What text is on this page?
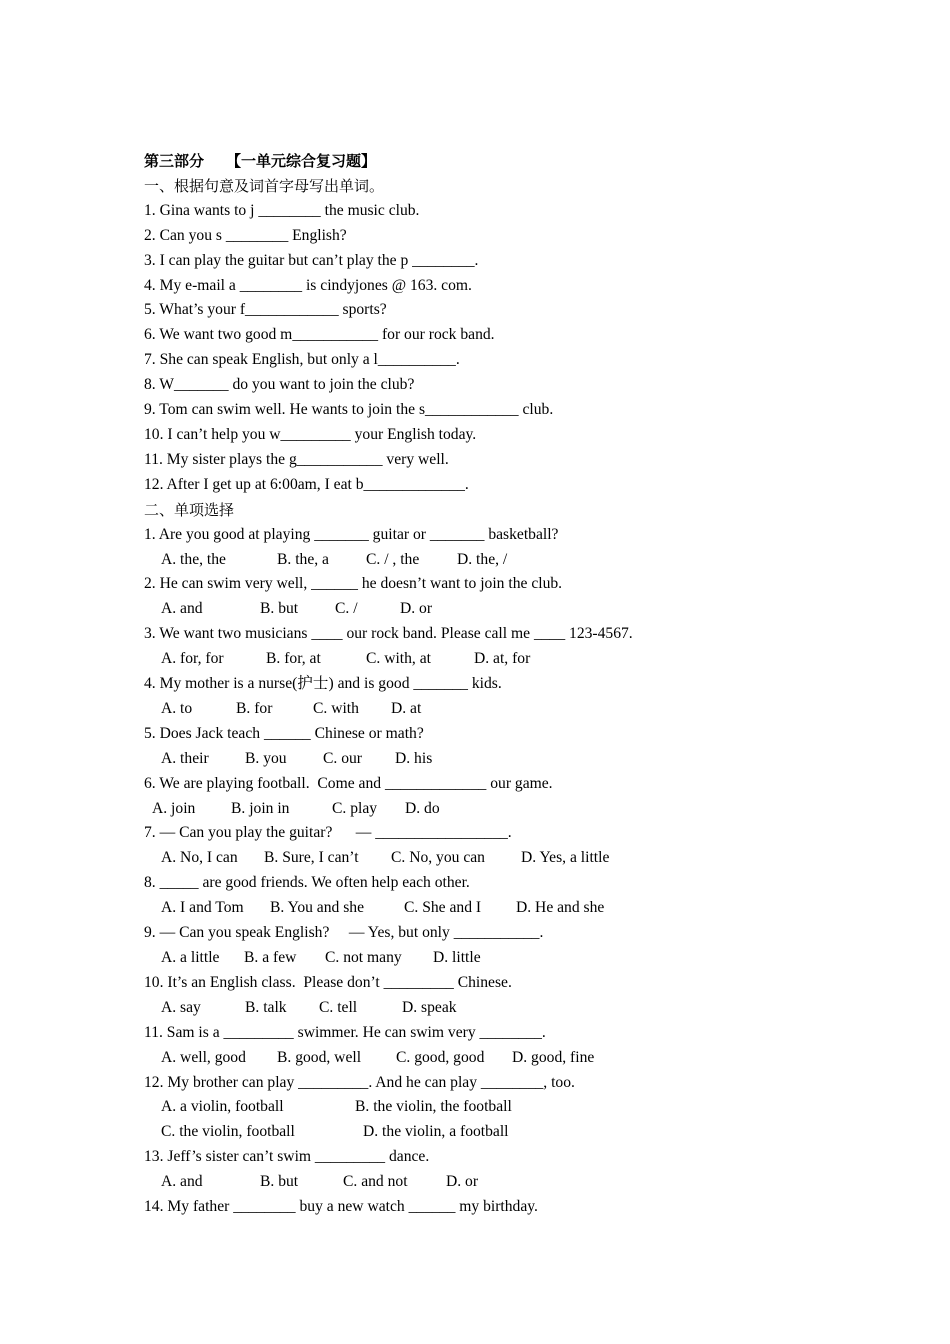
第三部分 【一单元综合复习题】
一、根据句意及词首字母写出单词。
1. Gina wants to j ________ the music club.
2. Can you s ________ English?
3. I can play the guitar but can’t play the p ________.
4. My e-mail a ________ is cindyjones @ 163. com.
5. What’s your f____________ sports?
6. We want two good m___________ for our rock band.
7. She can speak English, but only a l__________.
8. W_______ do you want to join the club?
9. Tom can swim well. He wants to join the s____________ club.
10. I can’t help you w_________ your English today.
11. My sister plays the g___________ very well.
12. After I get up at 6:00am, I eat b_____________.
二、单项选择
1. Are you good at playing _______ guitar or _______ basketball?
A. the, the	B. the, a C. / , the D. the, /
2. He can swim very well, ______ he doesn’t want to join the club.
A. and	B. but C. /	D. or
3. We want two musicians ____ our rock band. Please call me ____ 123-4567.
A. for, for	B. for, at	C. with, at	D. at, for
4. My mother is a nurse(护士) and is good _______ kids.
A. to	B. for	C. with D. at
5. Does Jack teach ______ Chinese or math?
A. their B. you C. our D. his
6. We are playing football.  Come and _____________ our game.
A. join B. join in	C. play D. do
7. — Can you play the guitar?      — _________________.
A. No, I can B. Sure, I can’t C. No, you can D. Yes, a little
8. _____ are good friends. We often help each other.
A. I and Tom B. You and she	C. She and I D. He and she
9. — Can you speak English?     — Yes, but only ___________.
A. a little B. a few C. not many D. little
10. It’s an English class.  Please don’t _________ Chinese.
A. say	B. talk C. tell	D. speak
11. Sam is a _________ swimmer. He can swim very ________.
A. well, good B. good, well C. good, good D. good, fine
12. My brother can play _________. And he can play ________, too.
A. a violin, football	B. the violin, the football
C. the violin, football	D. the violin, a football
13. Jeff’s sister can’t swim _________ dance.
A. and	B. but	C. and not D. or
14. My father ________ buy a new watch ______ my birthday.
